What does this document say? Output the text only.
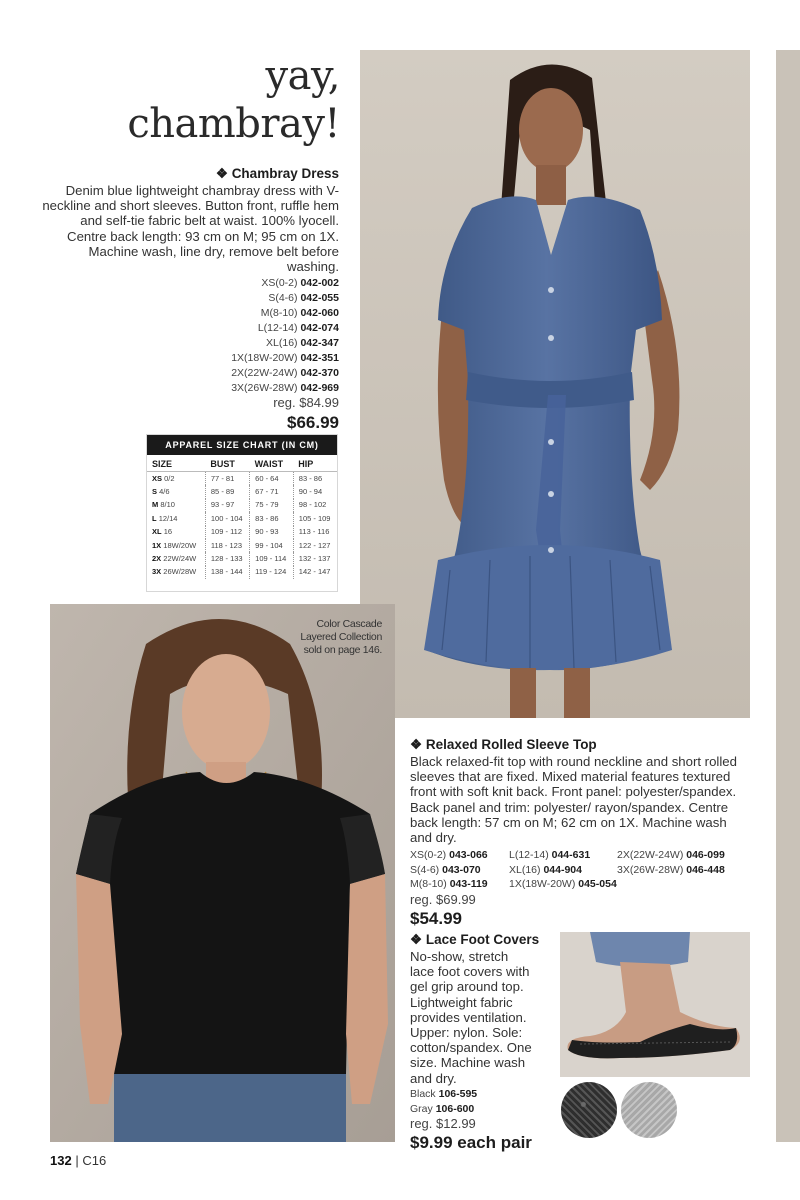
yay,
chambray!
❖ Chambray Dress
Denim blue lightweight chambray dress with V-neckline and short sleeves. Button front, ruffle hem and self-tie fabric belt at waist. 100% lyocell. Centre back length: 93 cm on M; 95 cm on 1X. Machine wash, line dry, remove belt before washing.
XS(0-2) 042-002
S(4-6) 042-055
M(8-10) 042-060
L(12-14) 042-074
XL(16) 042-347
1X(18W-20W) 042-351
2X(22W-24W) 042-370
3X(26W-28W) 042-969
reg. $84.99
$66.99
APPAREL SIZE CHART (IN CM)
SIZE	BUST	WAIST	HIP
XS 0/2	77 - 81	60 - 64	83 - 86
S 4/6	85 - 89	67 - 71	90 - 94
M 8/10	93 - 97	75 - 79	98 - 102
L 12/14	100 - 104	83 - 86	105 - 109
XL 16	109 - 112	90 - 93	113 - 116
1X 18W/20W	118 - 123	99 - 104	122 - 127
2X 22W/24W	128 - 133	109 - 114	132 - 137
3X 26W/28W	138 - 144	119 - 124	142 - 147
Color Cascade
Layered Collection
sold on page 146.
❖ Relaxed Rolled Sleeve Top
Black relaxed-fit top with round neckline and short rolled sleeves that are fixed. Mixed material features textured front with soft knit back. Front panel: polyester/spandex. Back panel and trim: polyester/ rayon/spandex. Centre back length: 57 cm on M; 62 cm on 1X. Machine wash and dry.
XS(0-2) 043-066	L(12-14) 044-631	2X(22W-24W) 046-099
S(4-6) 043-070	XL(16) 044-904	3X(26W-28W) 046-448
M(8-10) 043-119	1X(18W-20W) 045-054
reg. $69.99
$54.99
❖ Lace Foot Covers
No-show, stretch
lace foot covers with
gel grip around top.
Lightweight fabric
provides ventilation.
Upper: nylon. Sole:
cotton/spandex. One
size. Machine wash
and dry.
Black 106-595
Gray 106-600
reg. $12.99
$9.99 each pair
132 | C16
